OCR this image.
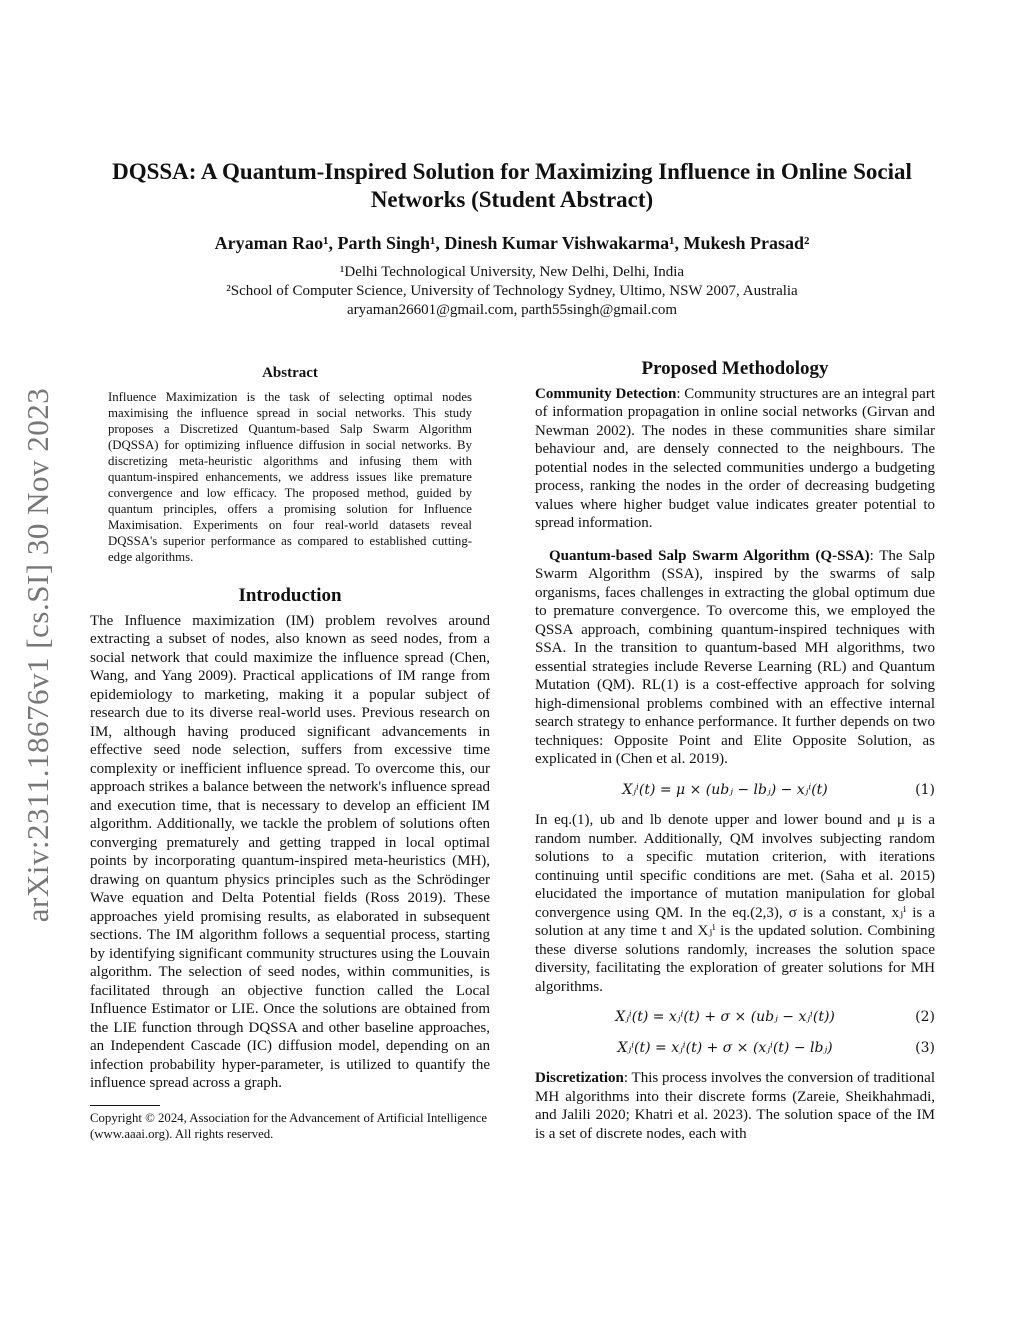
arXiv:2311.18676v1 [cs.SI] 30 Nov 2023
DQSSA: A Quantum-Inspired Solution for Maximizing Influence in Online Social Networks (Student Abstract)

Aryaman Rao¹, Parth Singh¹, Dinesh Kumar Vishwakarma¹, Mukesh Prasad²

¹Delhi Technological University, New Delhi, Delhi, India

²School of Computer Science, University of Technology Sydney, Ultimo, NSW 2007, Australia

aryaman26601@gmail.com, parth55singh@gmail.com

Abstract

Influence Maximization is the task of selecting optimal nodes maximising the influence spread in social networks. This study proposes a Discretized Quantum-based Salp Swarm Algorithm (DQSSA) for optimizing influence diffusion in social networks. By discretizing meta-heuristic algorithms and infusing them with quantum-inspired enhancements, we address issues like premature convergence and low efficacy. The proposed method, guided by quantum principles, offers a promising solution for Influence Maximisation. Experiments on four real-world datasets reveal DQSSA's superior performance as compared to established cutting-edge algorithms.

Introduction

The Influence maximization (IM) problem revolves around extracting a subset of nodes, also known as seed nodes, from a social network that could maximize the influence spread (Chen, Wang, and Yang 2009). Practical applications of IM range from epidemiology to marketing, making it a popular subject of research due to its diverse real-world uses. Previous research on IM, although having produced significant advancements in effective seed node selection, suffers from excessive time complexity or inefficient influence spread. To overcome this, our approach strikes a balance between the network's influence spread and execution time, that is necessary to develop an efficient IM algorithm. Additionally, we tackle the problem of solutions often converging prematurely and getting trapped in local optimal points by incorporating quantum-inspired meta-heuristics (MH), drawing on quantum physics principles such as the Schrödinger Wave equation and Delta Potential fields (Ross 2019). These approaches yield promising results, as elaborated in subsequent sections. The IM algorithm follows a sequential process, starting by identifying significant community structures using the Louvain algorithm. The selection of seed nodes, within communities, is facilitated through an objective function called the Local Influence Estimator or LIE. Once the solutions are obtained from the LIE function through DQSSA and other baseline approaches, an Independent Cascade (IC) diffusion model, depending on an infection probability hyper-parameter, is utilized to quantify the influence spread across a graph.

Copyright © 2024, Association for the Advancement of Artificial Intelligence (www.aaai.org). All rights reserved.

Proposed Methodology

Community Detection: Community structures are an integral part of information propagation in online social networks (Girvan and Newman 2002). The nodes in these communities share similar behaviour and, are densely connected to the neighbours. The potential nodes in the selected communities undergo a budgeting process, ranking the nodes in the order of decreasing budgeting values where higher budget value indicates greater potential to spread information.

Quantum-based Salp Swarm Algorithm (Q-SSA): The Salp Swarm Algorithm (SSA), inspired by the swarms of salp organisms, faces challenges in extracting the global optimum due to premature convergence. To overcome this, we employed the QSSA approach, combining quantum-inspired techniques with SSA. In the transition to quantum-based MH algorithms, two essential strategies include Reverse Learning (RL) and Quantum Mutation (QM). RL(1) is a cost-effective approach for solving high-dimensional problems combined with an effective internal search strategy to enhance performance. It further depends on two techniques: Opposite Point and Elite Opposite Solution, as explicated in (Chen et al. 2019).

Xⱼⁱ(t) = μ × (ubⱼ − lbⱼ) − xⱼⁱ(t)	(1)

In eq.(1), ub and lb denote upper and lower bound and μ is a random number. Additionally, QM involves subjecting random solutions to a specific mutation criterion, with iterations continuing until specific conditions are met. (Saha et al. 2015) elucidated the importance of mutation manipulation for global convergence using QM. In the eq.(2,3), σ is a constant, xⱼⁱ is a solution at any time t and Xⱼⁱ is the updated solution. Combining these diverse solutions randomly, increases the solution space diversity, facilitating the exploration of greater solutions for MH algorithms.

Xⱼⁱ(t) = xⱼⁱ(t) + σ × (ubⱼ − xⱼⁱ(t))	(2)
Xⱼⁱ(t) = xⱼⁱ(t) + σ × (xⱼⁱ(t) − lbⱼ)	(3)

Discretization: This process involves the conversion of traditional MH algorithms into their discrete forms (Zareie, Sheikhahmadi, and Jalili 2020; Khatri et al. 2023). The solution space of the IM is a set of discrete nodes, each with
